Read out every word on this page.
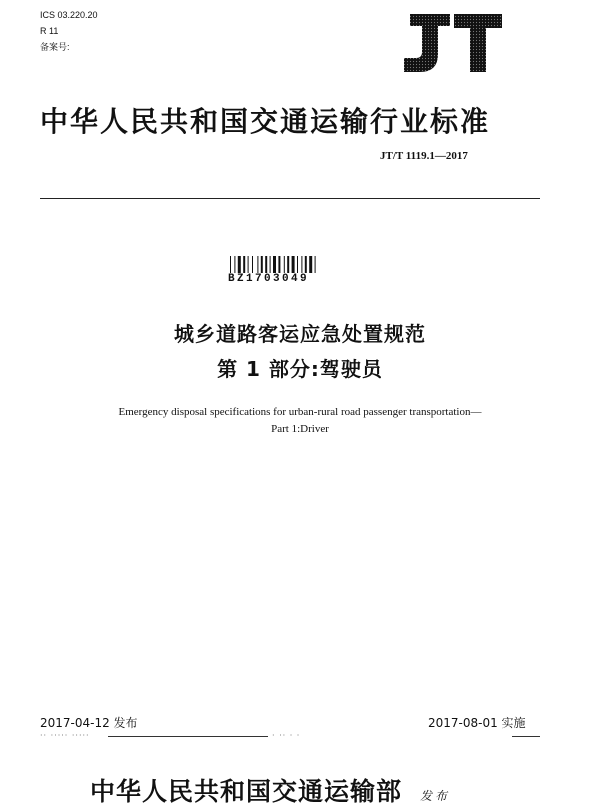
ICS 03.220.20
R 11
备案号:
JT
中华人民共和国交通运输行业标准
JT/T 1119.1—2017
BZ1703049
城乡道路客运应急处置规范
第 1 部分:驾驶员
Emergency disposal specifications for urban-rural road passenger transportation—
Part 1:Driver
2017-04-12 发布	2017-08-01 实施
·· ····· ·····	· ·· · ·
中华人民共和国交通运输部 发布
